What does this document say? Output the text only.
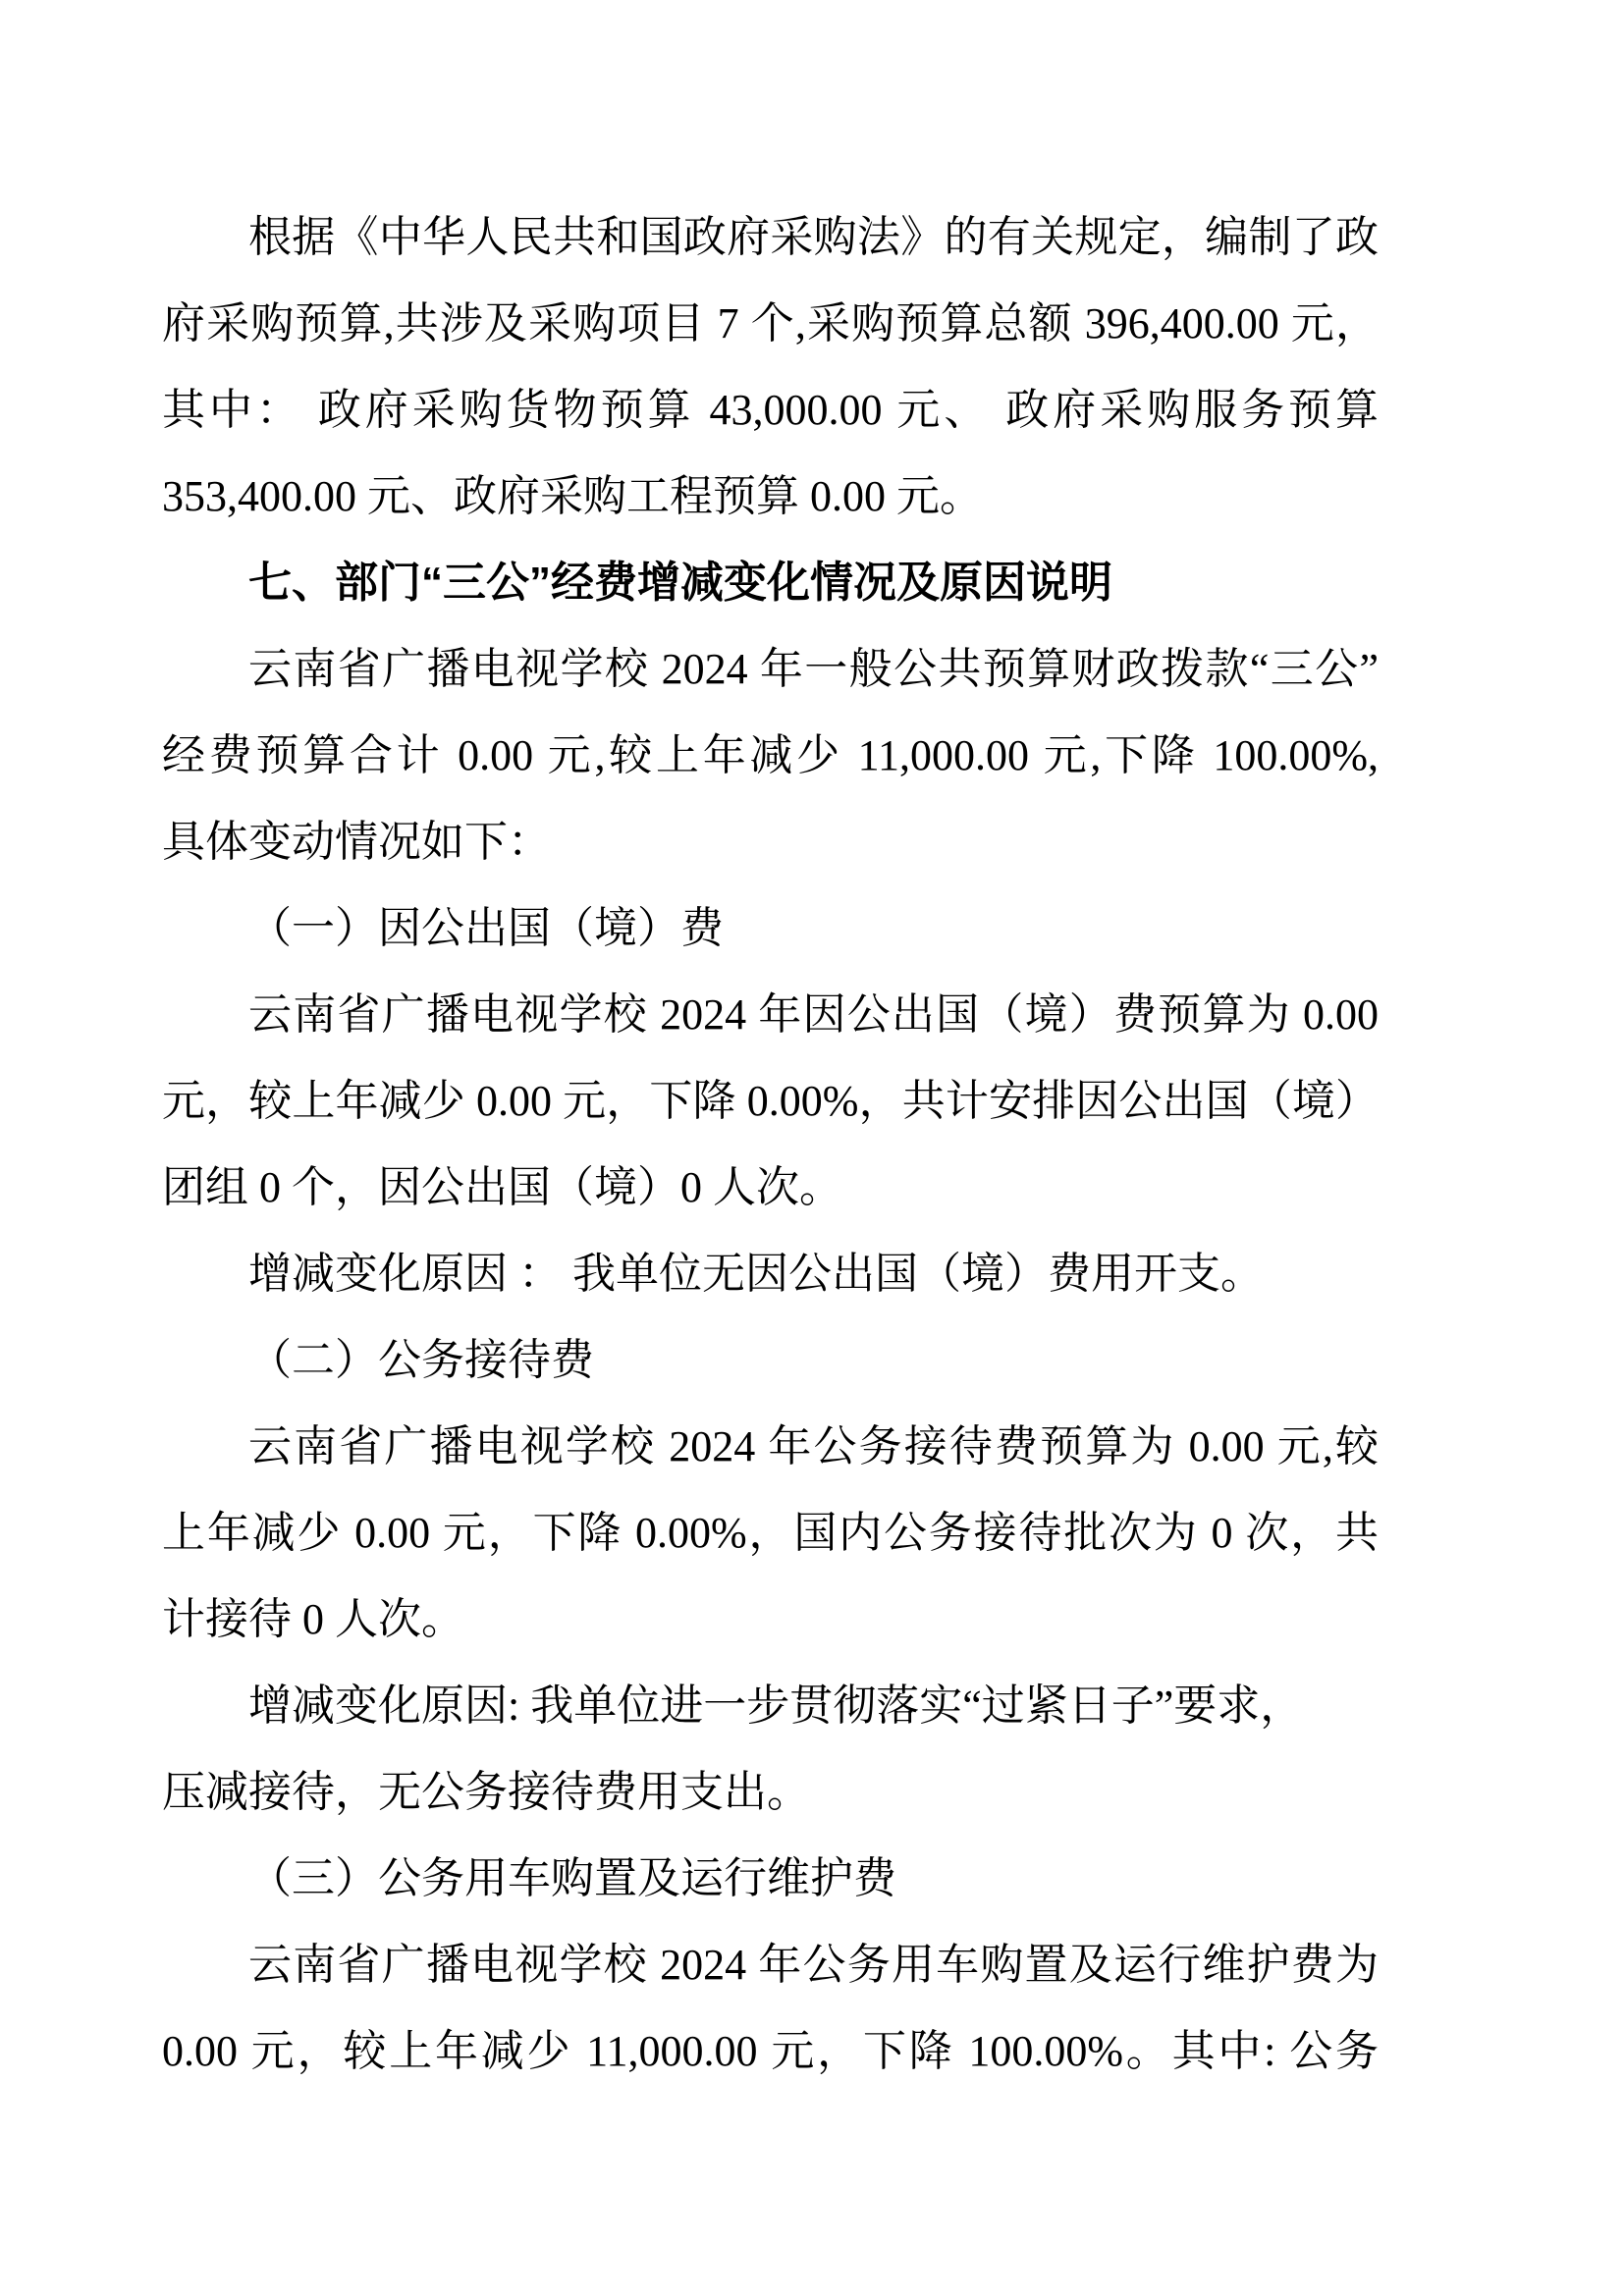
根据《中华人民共和国政府采购法》的有关规定，编制了政
府采购预算,共涉及采购项目 7 个,采购预算总额 396,400.00 元，
其中： 政府采购货物预算 43,000.00 元、 政府采购服务预算
353,400.00 元、政府采购工程预算 0.00 元。
七、部门“三公”经费增减变化情况及原因说明
云南省广播电视学校 2024 年一般公共预算财政拨款“三公”
经费预算合计 0.00 元,较上年减少 11,000.00 元,下降 100.00%,
具体变动情况如下：
（一）因公出国（境）费
云南省广播电视学校 2024 年因公出国（境）费预算为 0.00
元，较上年减少 0.00 元，下降 0.00%，共计安排因公出国（境）
团组 0 个，因公出国（境）0 人次。
增减变化原因 ： 我单位无因公出国（境）费用开支。
（二）公务接待费
云南省广播电视学校 2024 年公务接待费预算为 0.00 元,较
上年减少 0.00 元，下降 0.00%，国内公务接待批次为 0 次，共
计接待 0 人次。
增减变化原因: 我单位进一步贯彻落实“过紧日子”要求，
压减接待，无公务接待费用支出。
（三）公务用车购置及运行维护费
云南省广播电视学校 2024 年公务用车购置及运行维护费为
0.00 元，较上年减少 11,000.00 元，下降 100.00%。其中: 公务
